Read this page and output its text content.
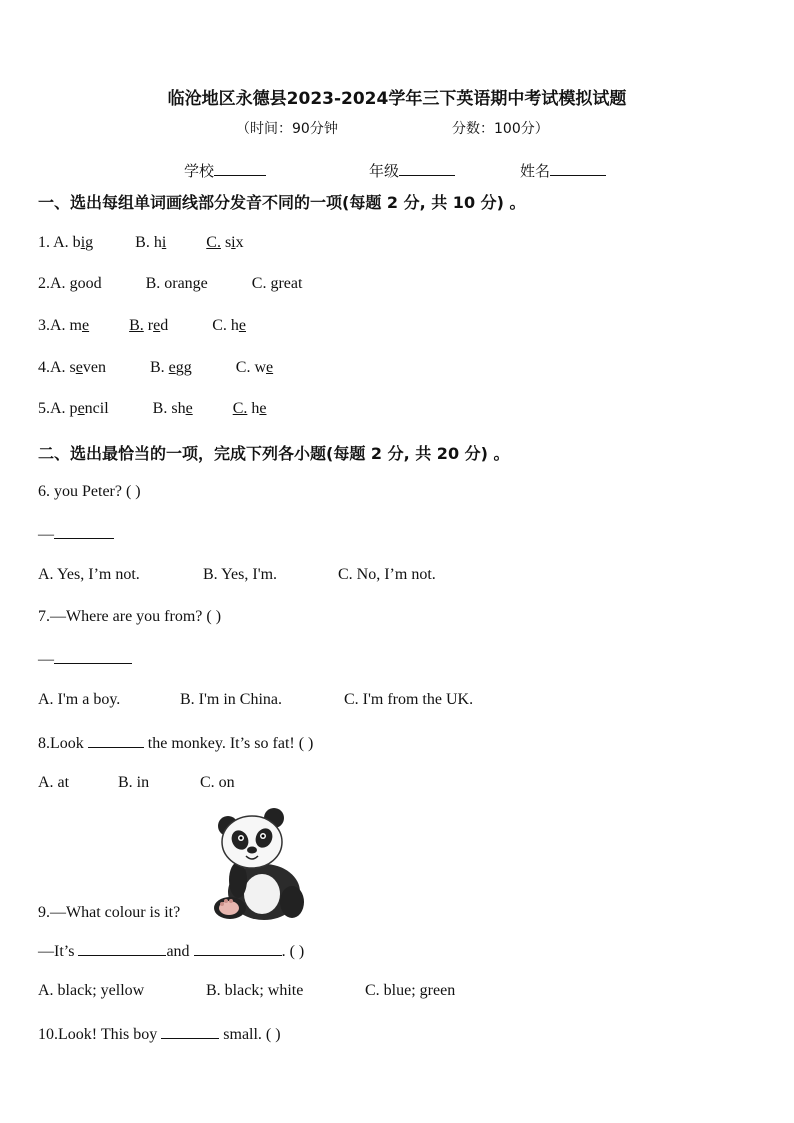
临沧地区永德县2023-2024学年三下英语期中考试模拟试题
（时间：90分钟	分数：100分）
学校	年级	姓名
一、选出每组单词画线部分发音不同的一项(每题 2 分, 共 10 分) 。
1. A. big	B. hi	C. six
2.A. good	B. orange	C. great
3.A. me	B. red	C. he
4.A. seven	B. egg	C. we
5.A. pencil	B. she	C. he
二、选出最恰当的一项，完成下列各小题(每题 2 分, 共 20 分) 。
6. you Peter? ( )
—
A. Yes, I’m not.	B. Yes, I'm.	C. No, I’m not.
7.—Where are you from? ( )
—
A. I'm a boy.	B. I'm in China.	C. I'm from the UK.
8.Look	the monkey. It’s so fat! ( )
A. at	B. in	C. on
9.—What colour is it?
—It’s	and	. ( )
A. black; yellow	B. black; white	C. blue; green
10.Look! This boy	small. ( )
